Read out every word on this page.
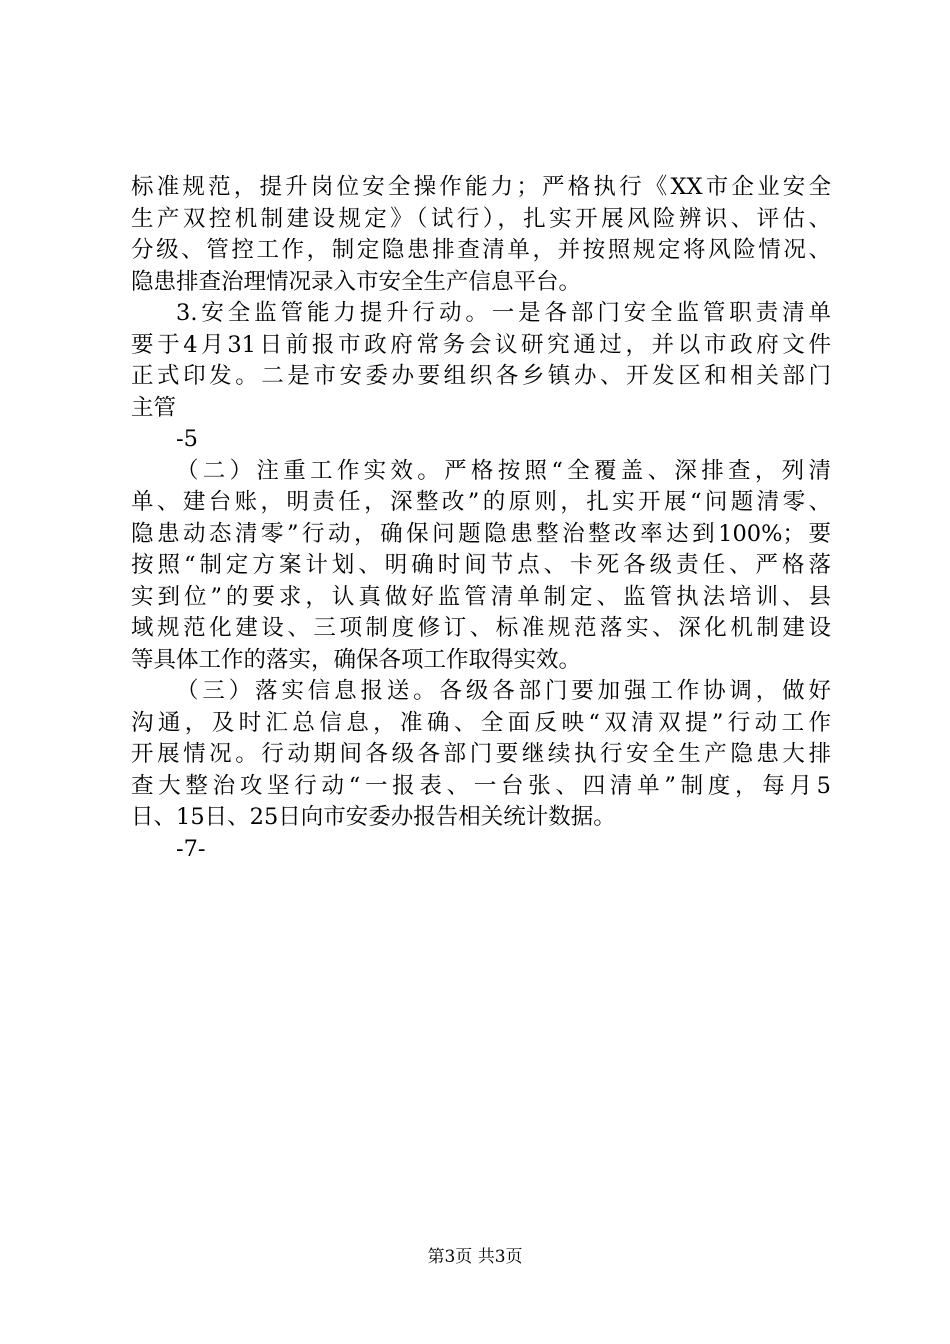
标准规范，提升岗位安全操作能力；严格执行《XX市企业安全
生产双控机制建设规定》（试行），扎实开展风险辨识、评估、
分级、管控工作，制定隐患排查清单，并按照规定将风险情况、
隐患排查治理情况录入市安全生产信息平台。
3.安全监管能力提升行动。一是各部门安全监管职责清单
要于4月31日前报市政府常务会议研究通过，并以市政府文件
正式印发。二是市安委办要组织各乡镇办、开发区和相关部门
主管
-5
（二）注重工作实效。严格按照“全覆盖、深排查，列清
单、建台账，明责任，深整改”的原则，扎实开展“问题清零、
隐患动态清零”行动，确保问题隐患整治整改率达到100%；要
按照“制定方案计划、明确时间节点、卡死各级责任、严格落
实到位”的要求，认真做好监管清单制定、监管执法培训、县
域规范化建设、三项制度修订、标准规范落实、深化机制建设
等具体工作的落实，确保各项工作取得实效。
（三）落实信息报送。各级各部门要加强工作协调，做好
沟通，及时汇总信息，准确、全面反映“双清双提”行动工作
开展情况。行动期间各级各部门要继续执行安全生产隐患大排
查大整治攻坚行动“一报表、一台张、四清单”制度，每月5
日、15日、25日向市安委办报告相关统计数据。
-7-
第3页 共3页
